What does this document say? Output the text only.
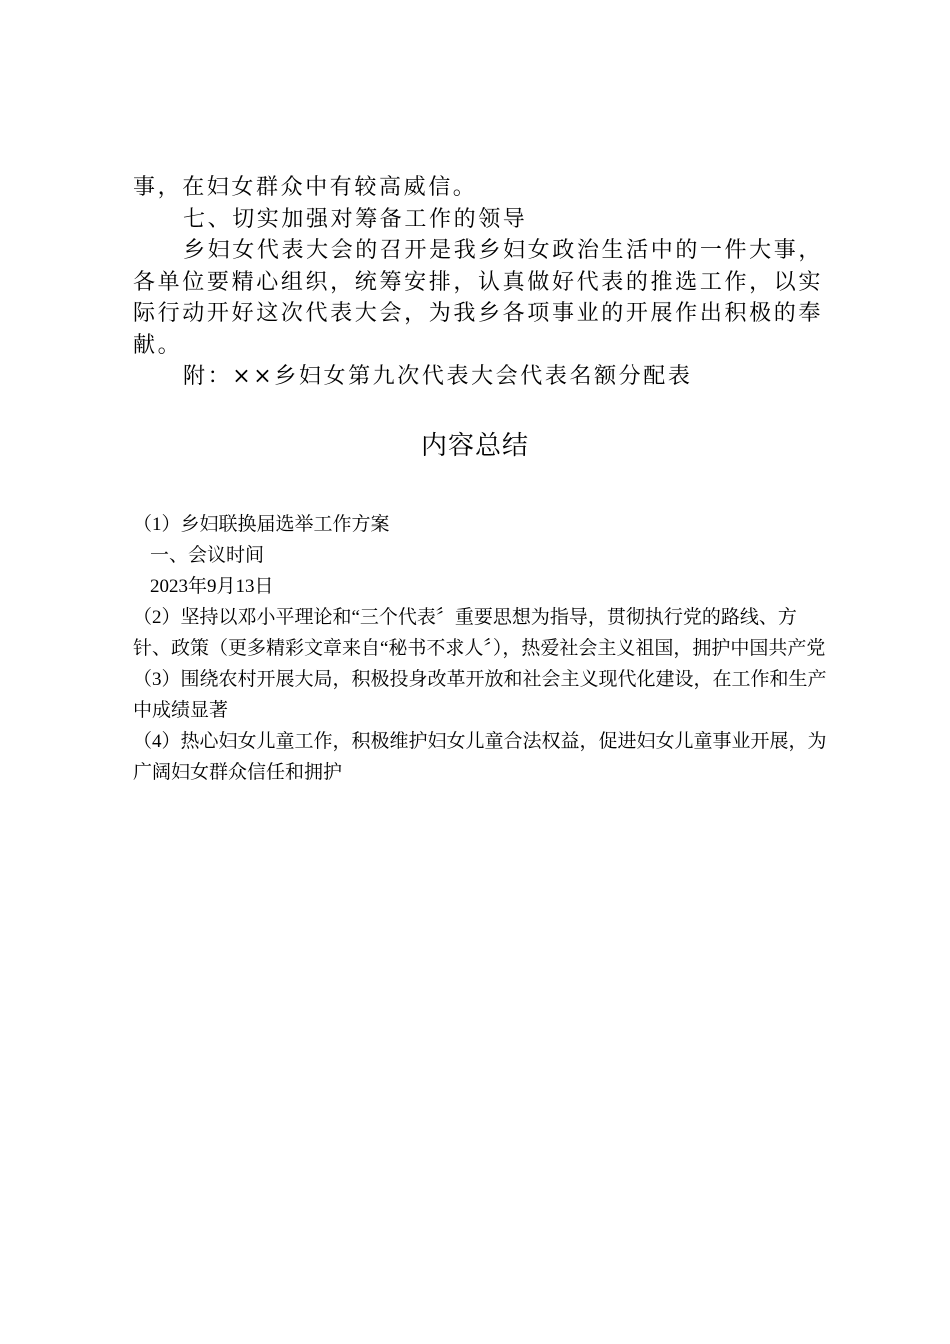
事，在妇女群众中有较高威信。

七、切实加强对筹备工作的领导

乡妇女代表大会的召开是我乡妇女政治生活中的一件大事，各单位要精心组织，统筹安排，认真做好代表的推选工作，以实际行动开好这次代表大会，为我乡各项事业的开展作出积极的奉献。

附：××乡妇女第九次代表大会代表名额分配表

内容总结

（1）乡妇联换届选举工作方案

一、会议时间

2023年9月13日

（2）坚持以邓小平理论和“三个代表〞重要思想为指导，贯彻执行党的路线、方针、政策（更多精彩文章来自“秘书不求人〞），热爱社会主义祖国，拥护中国共产党

（3）围绕农村开展大局，积极投身改革开放和社会主义现代化建设，在工作和生产中成绩显著

（4）热心妇女儿童工作，积极维护妇女儿童合法权益，促进妇女儿童事业开展，为广阔妇女群众信任和拥护
